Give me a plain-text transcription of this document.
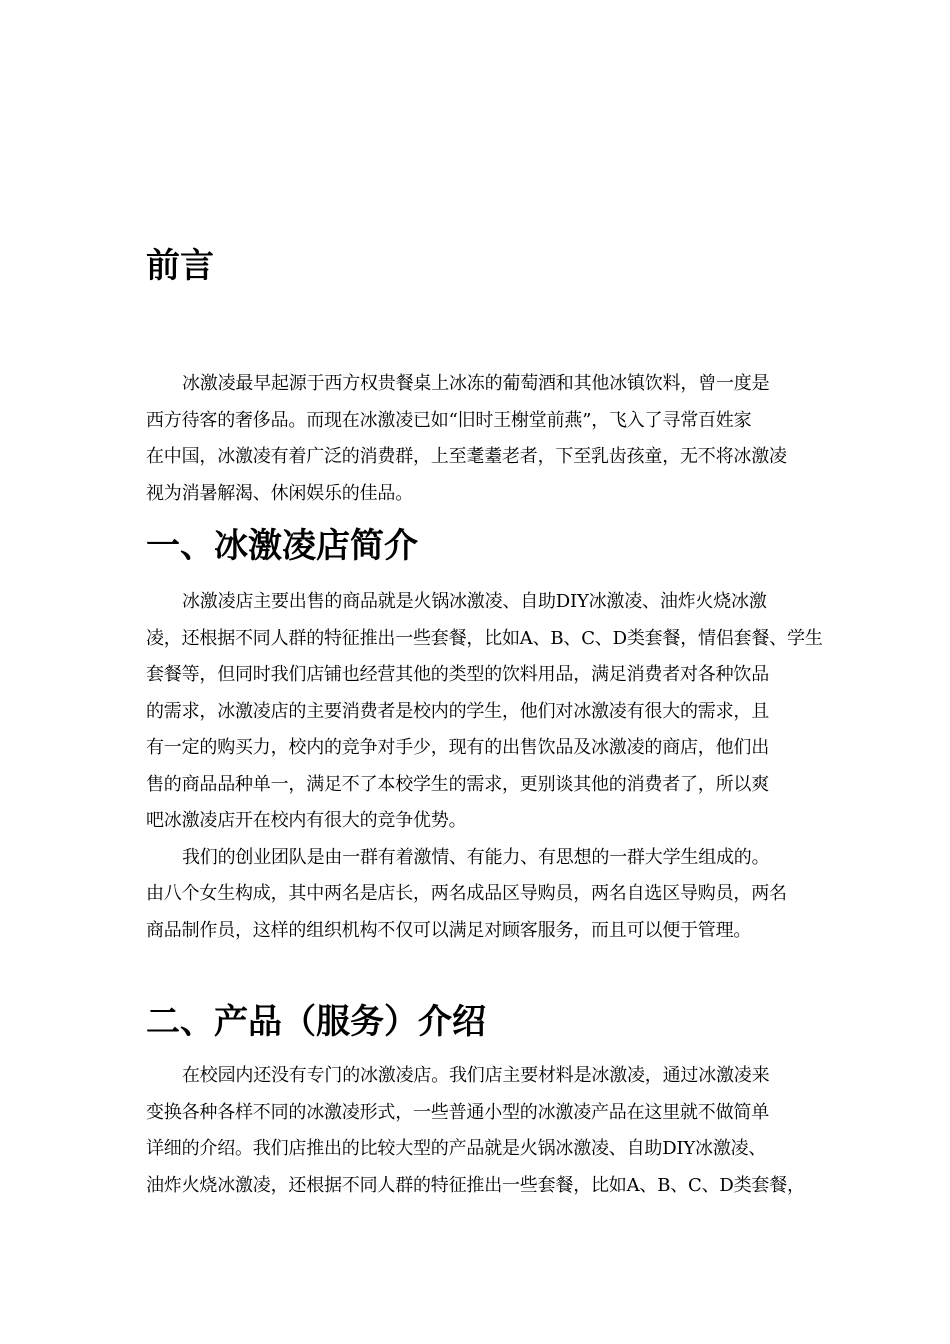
前言
冰激凌最早起源于西方权贵餐桌上冰冻的葡萄酒和其他冰镇饮料，曾一度是
西方待客的奢侈品。而现在冰激凌已如“旧时王榭堂前燕”，飞入了寻常百姓家
在中国，冰激凌有着广泛的消费群，上至耄耋老者，下至乳齿孩童，无不将冰激凌
视为消暑解渴、休闲娱乐的佳品。
一、冰激凌店简介
冰激凌店主要出售的商品就是火锅冰激凌、自助DIY冰激凌、油炸火烧冰激
凌，还根据不同人群的特征推出一些套餐，比如A、B、C、D类套餐，情侣套餐、学生
套餐等，但同时我们店铺也经营其他的类型的饮料用品，满足消费者对各种饮品
的需求，冰激凌店的主要消费者是校内的学生，他们对冰激凌有很大的需求，且
有一定的购买力，校内的竞争对手少，现有的出售饮品及冰激凌的商店，他们出
售的商品品种单一，满足不了本校学生的需求，更别谈其他的消费者了，所以爽
吧冰激凌店开在校内有很大的竞争优势。
我们的创业团队是由一群有着激情、有能力、有思想的一群大学生组成的。
由八个女生构成，其中两名是店长，两名成品区导购员，两名自选区导购员，两名
商品制作员，这样的组织机构不仅可以满足对顾客服务，而且可以便于管理。
二、产品（服务）介绍
在校园内还没有专门的冰激凌店。我们店主要材料是冰激凌，通过冰激凌来
变换各种各样不同的冰激凌形式，一些普通小型的冰激凌产品在这里就不做简单
详细的介绍。我们店推出的比较大型的产品就是火锅冰激凌、自助DIY冰激凌、
油炸火烧冰激凌，还根据不同人群的特征推出一些套餐，比如A、B、C、D类套餐，
